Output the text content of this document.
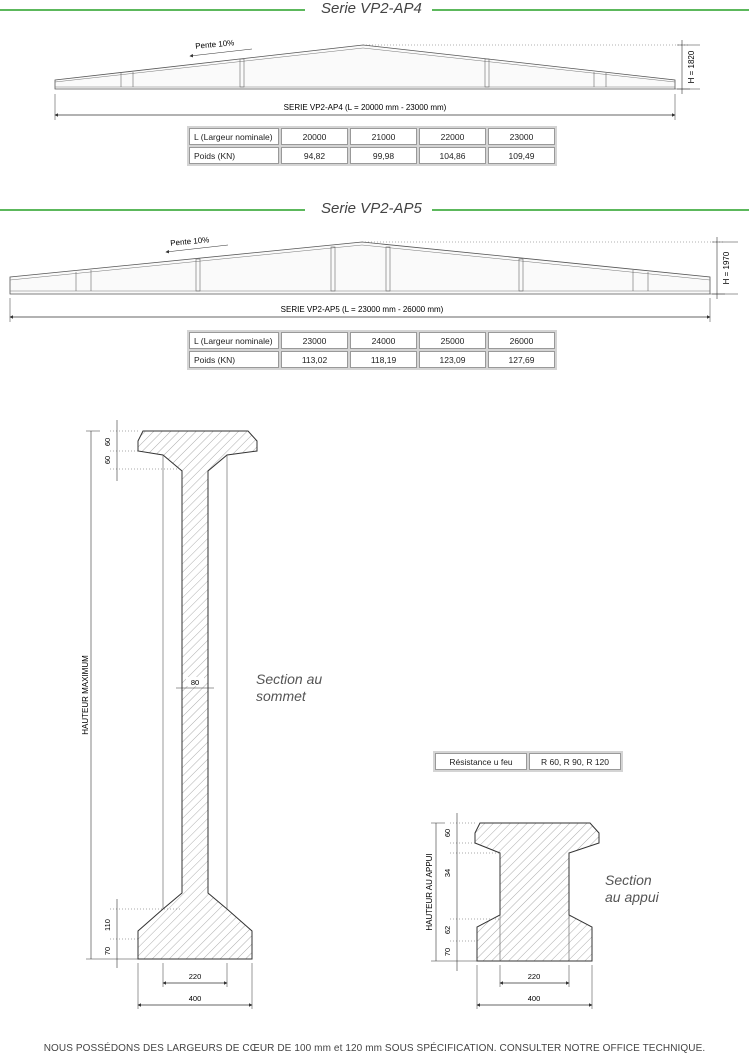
Serie VP2-AP4
H = 1820
Pente 10%
SERIE VP2-AP4 (L = 20000 mm - 23000 mm)
L (Largeur nominale)	20000	21000	22000	23000
Poids (KN)	94,82	99,98	104,86	109,49
Serie VP2-AP5
H = 1970
Pente 10%
SERIE VP2-AP5 (L = 23000 mm - 26000 mm)
L (Largeur nominale)	23000	24000	25000	26000
Poids (KN)	113,02	118,19	123,09	127,69
60
60
110
70
HAUTEUR MAXIMUM	80
220
400
Section au
sommet
Résistance u feu	R 60, R 90, R 120
60
34
62
70
HAUTEUR AU APPUI
220
400
Section
au appui
NOUS POSSÉDONS DES LARGEURS DE CŒUR DE 100 mm et 120 mm SOUS SPÉCIFICATION. CONSULTER NOTRE OFFICE TECHNIQUE.
